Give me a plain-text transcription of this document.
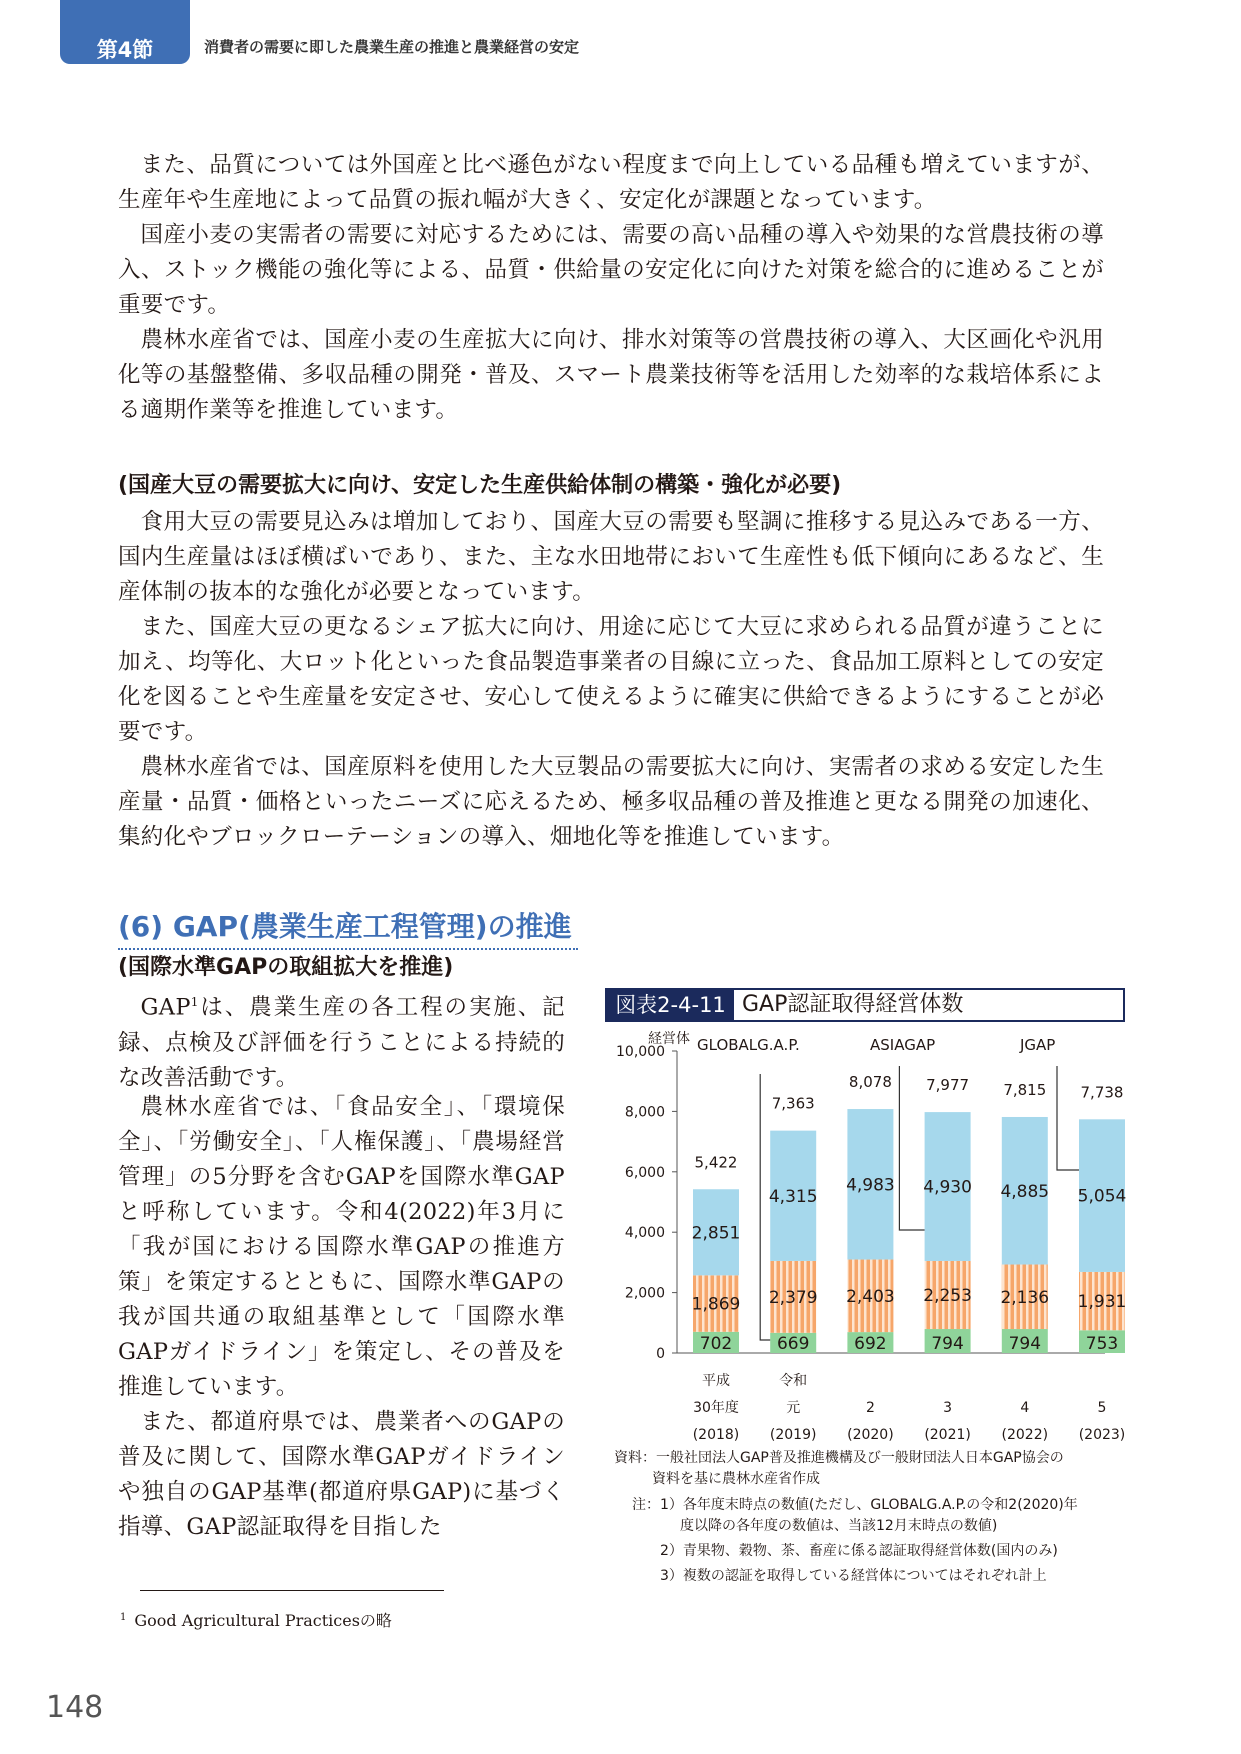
第4節	消費者の需要に即した農業生産の推進と農業経営の安定

また、品質については外国産と比べ遜色がない程度まで向上している品種も増えていますが、生産年や生産地によって品質の振れ幅が大きく、安定化が課題となっています。

国産小麦の実需者の需要に対応するためには、需要の高い品種の導入や効果的な営農技術の導入、ストック機能の強化等による、品質・供給量の安定化に向けた対策を総合的に進めることが重要です。

農林水産省では、国産小麦の生産拡大に向け、排水対策等の営農技術の導入、大区画化や汎用化等の基盤整備、多収品種の開発・普及、スマート農業技術等を活用した効率的な栽培体系による適期作業等を推進しています。

(国産大豆の需要拡大に向け、安定した生産供給体制の構築・強化が必要)

食用大豆の需要見込みは増加しており、国産大豆の需要も堅調に推移する見込みである一方、国内生産量はほぼ横ばいであり、また、主な水田地帯において生産性も低下傾向にあるなど、生産体制の抜本的な強化が必要となっています。

また、国産大豆の更なるシェア拡大に向け、用途に応じて大豆に求められる品質が違うことに加え、均等化、大ロット化といった食品製造事業者の目線に立った、食品加工原料としての安定化を図ることや生産量を安定させ、安心して使えるように確実に供給できるようにすることが必要です。

農林水産省では、国産原料を使用した大豆製品の需要拡大に向け、実需者の求める安定した生産量・品質・価格といったニーズに応えるため、極多収品種の普及推進と更なる開発の加速化、集約化やブロックローテーションの導入、畑地化等を推進しています。

(6) GAP(農業生産工程管理)の推進

(国際水準GAPの取組拡大を推進)

GAP$^1$は、農業生産の各工程の実施、記録、点検及び評価を行うことによる持続的な改善活動です。

農林水産省では、「食品安全」、「環境保全」、「労働安全」、「人権保護」、「農場経営管理」の5分野を含むGAPを国際水準GAPと呼称しています。令和4(2022)年3月に「我が国における国際水準GAPの推進方策」を策定するとともに、国際水準GAPの我が国共通の取組基準として「国際水準GAPガイドライン」を策定し、その普及を推進しています。

また、都道府県では、農業者へのGAPの普及に関して、国際水準GAPガイドラインや独自のGAP基準(都道府県GAP)に基づく指導、GAP認証取得を目指した

図表2-4-11 GAP認証取得経営体数
0
2,000
4,000
6,000
8,000
10,000
経営体
702
1,869
2,851
5,422
平成
30年度
(2018)
669
2,379
4,315
7,363
令和
元
(2019)
692
2,403
4,983
8,078
2
(2020)
794
2,253
4,930
7,977
3
(2021)
794
2,136
4,885
7,815
4
(2022)
753
1,931
5,054
7,738
5
(2023)
GLOBALG.A.P.	ASIAGAP	JGAP

資料：一般社団法人GAP普及推進機構及び一般財団法人日本GAP協会の

資料を基に農林水産省作成

注：1）各年度末時点の数値(ただし、GLOBALG.A.P.の令和2(2020)年

度以降の各年度の数値は、当該12月末時点の数値)

2）青果物、穀物、茶、畜産に係る認証取得経営体数(国内のみ)

3）複数の認証を取得している経営体についてはそれぞれ計上

$^1$ Good Agricultural Practicesの略
148
